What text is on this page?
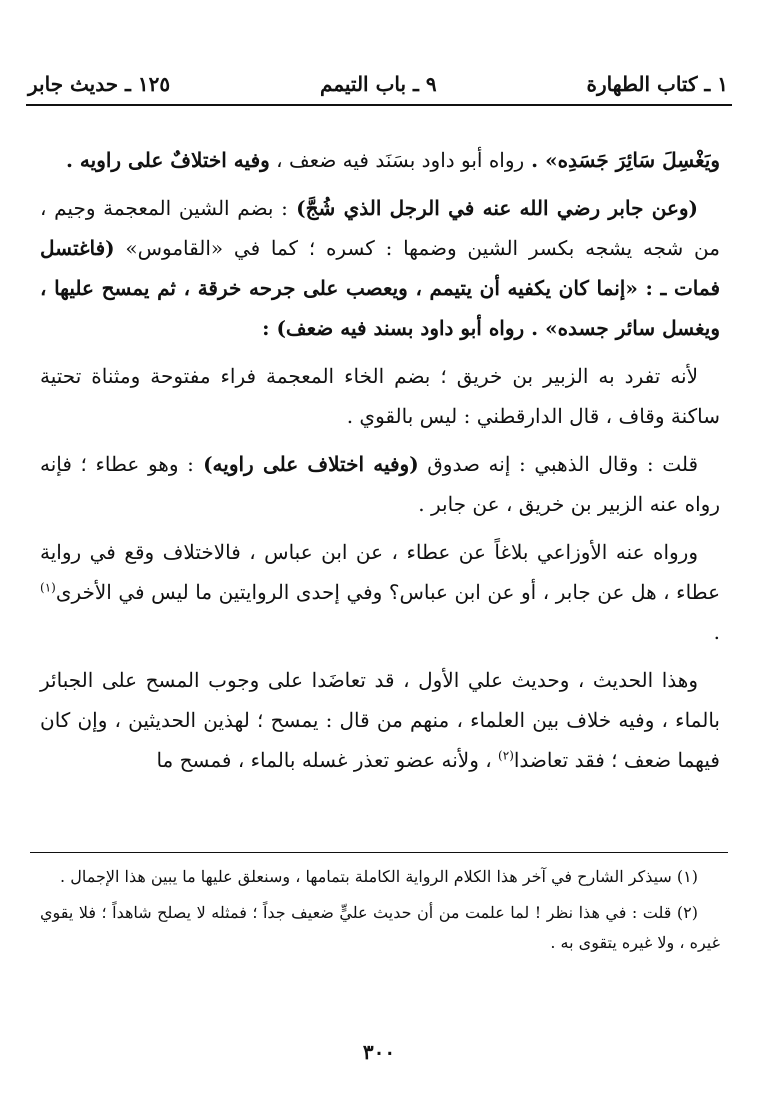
١ ـ كتاب الطهارة
٩ ـ باب التيمم
١٢٥ ـ حديث جابر

ويَغْسِلَ سَائِرَ جَسَدِه» . رواه أبو داود بسَنَد فيه ضعف ، وفيه اختلافٌ على راويه .

(وعن جابر رضي الله عنه في الرجل الذي شُجَّ) : بضم الشين المعجمة وجيم ، من شجه يشجه بكسر الشين وضمها : كسره ؛ كما في «القاموس» (فاغتسل فمات ـ : «إنما كان يكفيه أن يتيمم ، ويعصب على جرحه خرقة ، ثم يمسح عليها ، ويغسل سائر جسده» . رواه أبو داود بسند فيه ضعف) :

لأنه تفرد به الزبير بن خريق ؛ بضم الخاء المعجمة فراء مفتوحة ومثناة تحتية ساكنة وقاف ، قال الدارقطني : ليس بالقوي .

قلت : وقال الذهبي : إنه صدوق (وفيه اختلاف على راويه) : وهو عطاء ؛ فإنه رواه عنه الزبير بن خريق ، عن جابر .

ورواه عنه الأوزاعي بلاغاً عن عطاء ، عن ابن عباس ، فالاختلاف وقع في رواية عطاء ، هل عن جابر ، أو عن ابن عباس؟ وفي إحدى الروايتين ما ليس في الأخرى$^{(١)}$ .

وهذا الحديث ، وحديث علي الأول ، قد تعاضَدا على وجوب المسح على الجبائر بالماء ، وفيه خلاف بين العلماء ، منهم من قال : يمسح ؛ لهذين الحديثين ، وإن كان فيهما ضعف ؛ فقد تعاضدا$^{(٢)}$ ، ولأنه عضو تعذر غسله بالماء ، فمسح ما

(١) سيذكر الشارح في آخر هذا الكلام الرواية الكاملة بتمامها ، وسنعلق عليها ما يبين هذا الإجمال .

(٢) قلت : في هذا نظر ! لما علمت من أن حديث عليٍّ ضعيف جداً ؛ فمثله لا يصلح شاهداً ؛ فلا يقوي غيره ، ولا غيره يتقوى به .

٣٠٠
